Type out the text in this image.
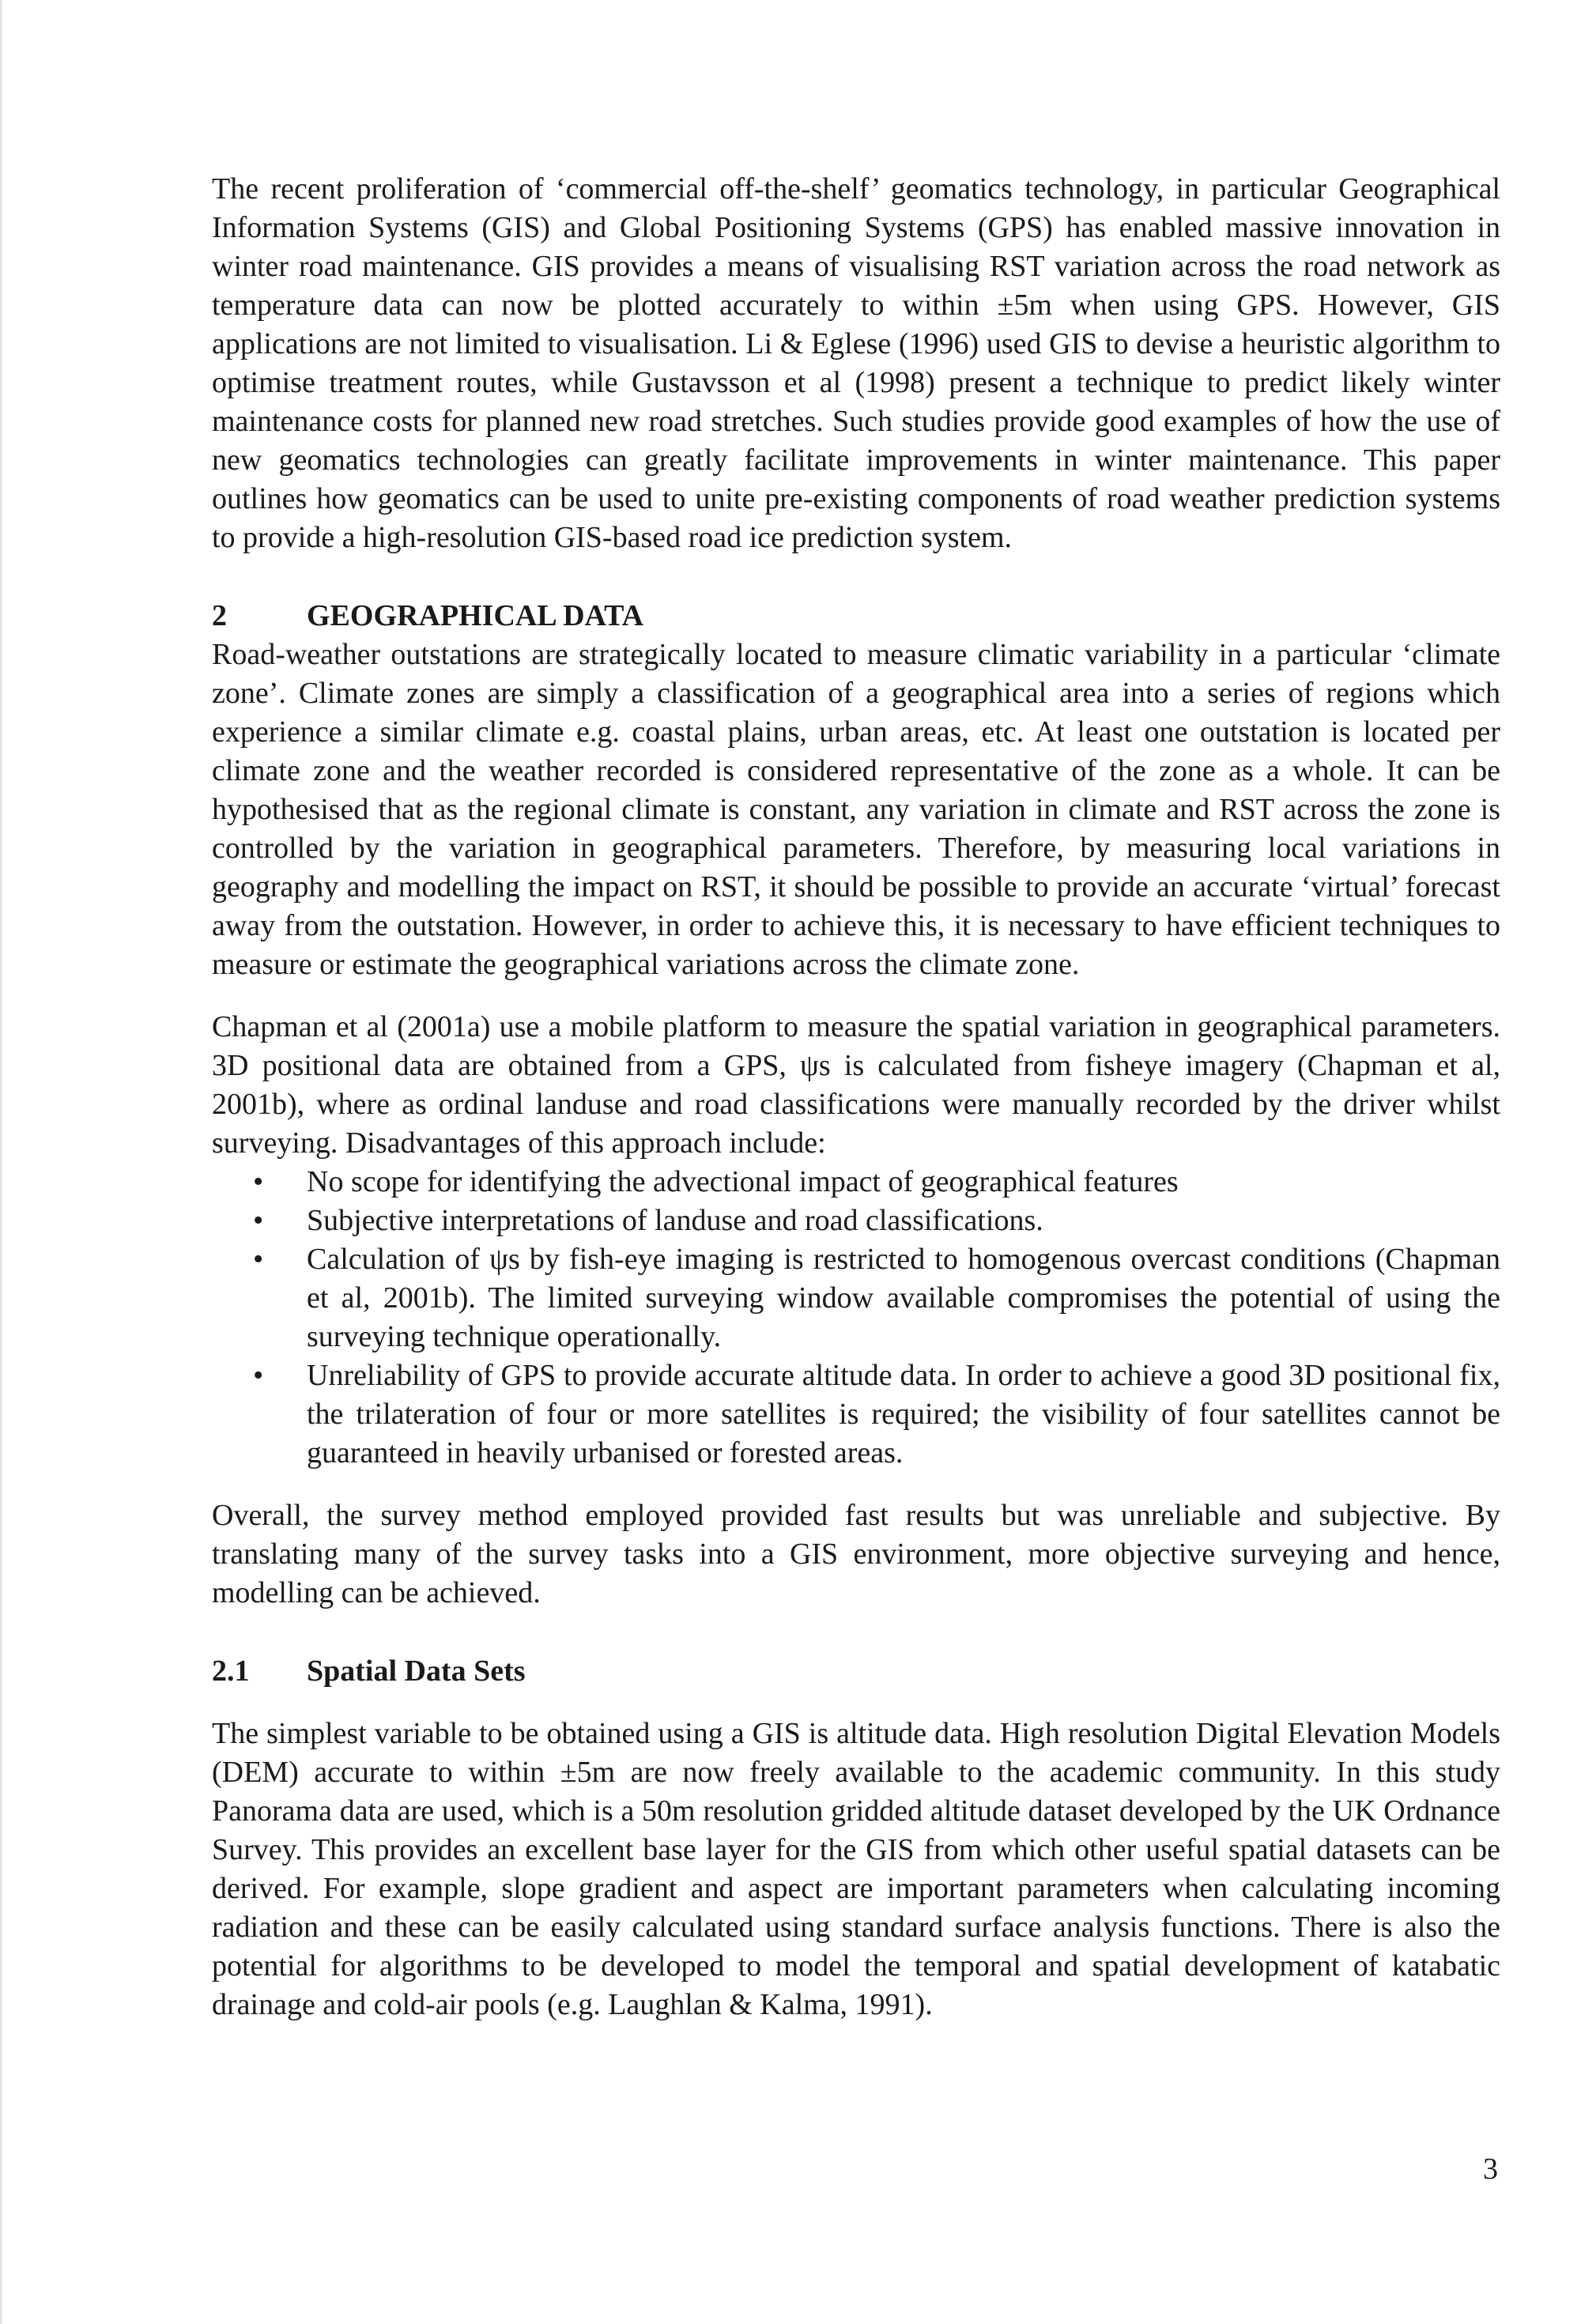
The recent proliferation of ‘commercial off-the-shelf’ geomatics technology, in particular Geographical Information Systems (GIS) and Global Positioning Systems (GPS) has enabled massive innovation in winter road maintenance. GIS provides a means of visualising RST variation across the road network as temperature data can now be plotted accurately to within ±5m when using GPS. However, GIS applications are not limited to visualisation. Li & Eglese (1996) used GIS to devise a heuristic algorithm to optimise treatment routes, while Gustavsson et al (1998) present a technique to predict likely winter maintenance costs for planned new road stretches. Such studies provide good examples of how the use of new geomatics technologies can greatly facilitate improvements in winter maintenance. This paper outlines how geomatics can be used to unite pre-existing components of road weather prediction systems to provide a high-resolution GIS-based road ice prediction system.

2	GEOGRAPHICAL DATA

Road-weather outstations are strategically located to measure climatic variability in a particular ‘climate zone’. Climate zones are simply a classification of a geographical area into a series of regions which experience a similar climate e.g. coastal plains, urban areas, etc. At least one outstation is located per climate zone and the weather recorded is considered representative of the zone as a whole. It can be hypothesised that as the regional climate is constant, any variation in climate and RST across the zone is controlled by the variation in geographical parameters. Therefore, by measuring local variations in geography and modelling the impact on RST, it should be possible to provide an accurate ‘virtual’ forecast away from the outstation. However, in order to achieve this, it is necessary to have efficient techniques to measure or estimate the geographical variations across the climate zone.

Chapman et al (2001a) use a mobile platform to measure the spatial variation in geographical parameters. 3D positional data are obtained from a GPS, ψs is calculated from fisheye imagery (Chapman et al, 2001b), where as ordinal landuse and road classifications were manually recorded by the driver whilst surveying. Disadvantages of this approach include:

• No scope for identifying the advectional impact of geographical features
• Subjective interpretations of landuse and road classifications.
• Calculation of ψs by fish-eye imaging is restricted to homogenous overcast conditions (Chapman et al, 2001b). The limited surveying window available compromises the potential of using the surveying technique operationally.
• Unreliability of GPS to provide accurate altitude data. In order to achieve a good 3D positional fix, the trilateration of four or more satellites is required; the visibility of four satellites cannot be guaranteed in heavily urbanised or forested areas.

Overall, the survey method employed provided fast results but was unreliable and subjective. By translating many of the survey tasks into a GIS environment, more objective surveying and hence, modelling can be achieved.

2.1	Spatial Data Sets

The simplest variable to be obtained using a GIS is altitude data. High resolution Digital Elevation Models (DEM) accurate to within ±5m are now freely available to the academic community. In this study Panorama data are used, which is a 50m resolution gridded altitude dataset developed by the UK Ordnance Survey. This provides an excellent base layer for the GIS from which other useful spatial datasets can be derived. For example, slope gradient and aspect are important parameters when calculating incoming radiation and these can be easily calculated using standard surface analysis functions. There is also the potential for algorithms to be developed to model the temporal and spatial development of katabatic drainage and cold-air pools (e.g. Laughlan & Kalma, 1991).

3
